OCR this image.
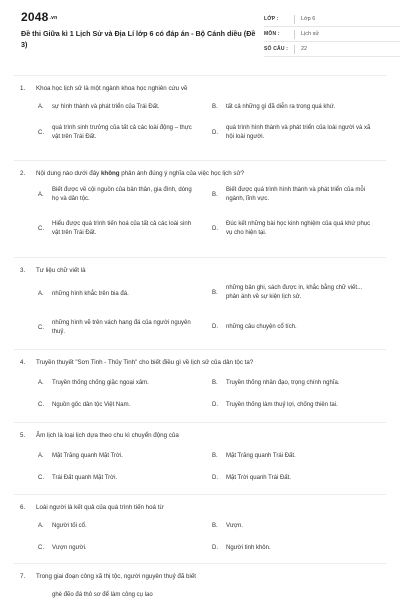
2048.vn
Đề thi Giữa kì 1 Lịch Sử và Địa Lí lớp 6 có đáp án - Bộ Cánh diều (Đề 3)
LỚP :	Lớp 6
MÔN :	Lịch sử
SỐ CÂU :	22
1. Khoa học lịch sử là một ngành khoa học nghiên cứu về
A.	sự hình thành và phát triển của Trái Đất.	B.	tất cả những gì đã diễn ra trong quá khứ.
C.
quá trình sinh trưởng của tất cả các loài động – thực vật trên Trái Đất.
D.
quá trình hình thành và phát triển của loài người và xã hội loài người.
2. Nội dung nào dưới đây không phản ánh đúng ý nghĩa của việc học lịch sử?
A.
Biết được về cội nguồn của bản thân, gia đình, dòng họ và dân tộc.
B.
Biết được quá trình hình thành và phát triển của mỗi ngành, lĩnh vực.
C.
Hiểu được quá trình tiến hoá của tất cả các loài sinh vật trên Trái Đất.
D.
Đúc kết những bài học kinh nghiệm của quá khứ phục vụ cho hiện tại.
3. Tư liệu chữ viết là
A.	những hình khắc trên bia đá.	B.
những bản ghi, sách được in, khắc bằng chữ viết... phản ánh về sự kiện lịch sử.
C.
những hình vẽ trên vách hang đá của người nguyên thuỷ.
D.	những câu chuyện cổ tích.
4. Truyền thuyết "Sơn Tinh - Thủy Tinh" cho biết điều gì về lịch sử của dân tộc ta?
A.	Truyền thống chống giặc ngoại xâm.	B.	Truyền thống nhân đạo, trọng chính nghĩa.
C.	Nguồn gốc dân tộc Việt Nam.	D.	Truyền thống làm thuỷ lợi, chống thiên tai.
5. Âm lịch là loại lịch dựa theo chu kì chuyển động của
A.	Mặt Trăng quanh Mặt Trời.	B.	Mặt Trăng quanh Trái Đất.
C.	Trái Đất quanh Mặt Trời.	D.	Mặt Trời quanh Trái Đất.
6. Loài người là kết quả của quá trình tiến hoá từ
A.	Người tối cổ.	B.	Vượn.
C.	Vượn người.	D.	Người tinh khôn.
7. Trong giai đoạn công xã thị tộc, người nguyên thuỷ đã biết
ghè đẽo đá thô sơ để làm công cụ lao
